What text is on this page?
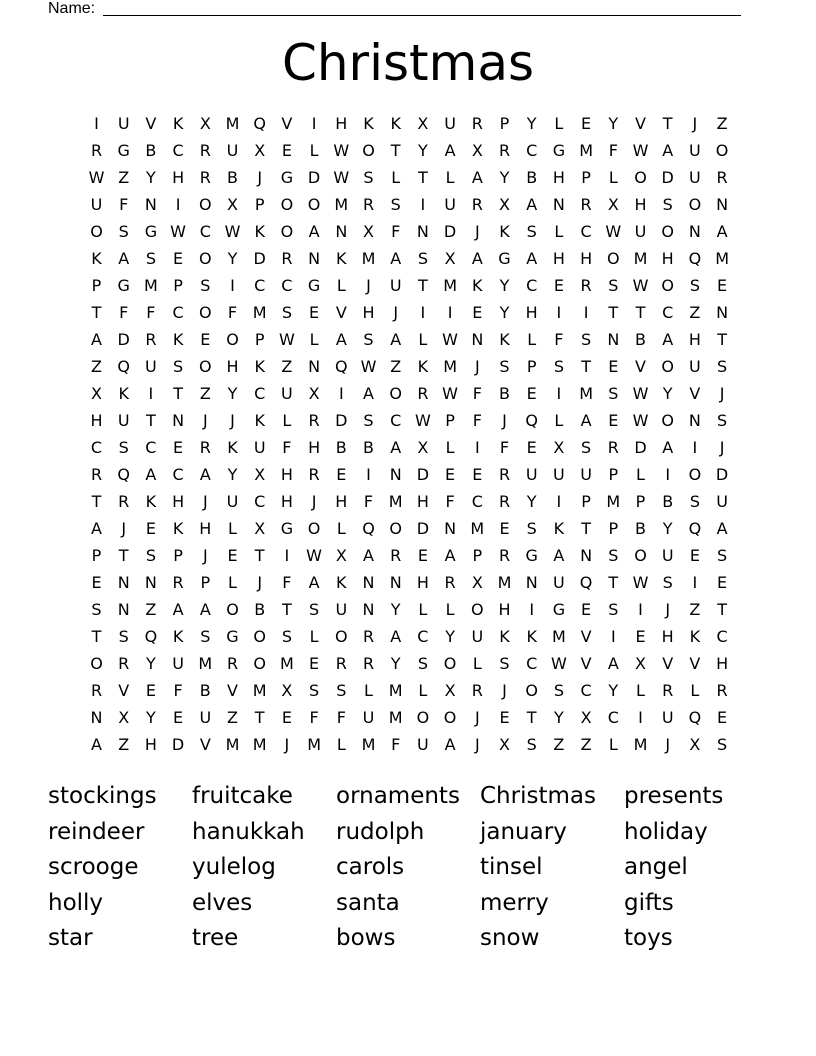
Name:
Christmas
I	U V	K	X M Q V	I	H K	K	X U R	P	Y	L	E	Y	V	T	J	Z
R G B	C	R U X	E	L W O	T	Y	A	X	R	C G M F W A U O
W Z	Y	H R	B	J	G D W S	L	T	L	A	Y	B H	P	L	O D U R
U	F	N	I	O X	P	O O M R	S	I	U R	X	A N R	X H	S O N
O S G W C W K O A N X	F	N D	J	K	S	L	C W U O N A
K	A	S	E O	Y	D R N K M A	S	X	A G A H H O M H Q M
P	G M P	S	I	C	C G	L	J	U	T M K	Y	C	E	R	S W O S	E
T	F	F	C O	F M S	E	V H	J	I	I	E	Y	H	I	I	T	T	C	Z N
A D R	K	E O	P W L	A	S	A	L W N K	L	F	S	N B	A H	T
Z Q U	S O H K	Z N Q W Z	K M	J	S	P	S	T	E	V O U	S
X	K	I	T	Z	Y	C U X	I	A O R W F	B	E	I	M S W Y	V	J
H U	T	N	J	J	K	L	R D S	C W P	F	J	Q	L	A	E W O N	S
C	S	C	E	R	K	U	F	H B	B	A	X	L	I	F	E	X	S	R D A	I	J
R Q A	C	A	Y	X H R	E	I	N D E	E	R U U U	P	L	I	O D
T	R	K H	J	U C H	J	H	F M H	F	C	R	Y	I	P M P	B	S	U
A	J	E	K H	L	X G O	L	Q O D N M E	S	K	T	P	B	Y	Q A
P	T	S	P	J	E	T	I	W X	A	R	E	A	P	R G A N	S O U	E	S
E	N N R	P	L	J	F	A	K N N H R	X M N U Q	T W S	I	E
S	N Z	A	A O B	T	S	U N	Y	L	L	O H	I	G E	S	I	J	Z	T
T	S Q K	S G O S	L	O R	A	C	Y	U	K	K M V	I	E	H K	C
O R	Y	U M R O M E	R	R	Y	S O	L	S	C W V	A	X	V	V H
R	V	E	F	B	V M X	S	S	L M L	X	R	J	O S	C	Y	L	R	L	R
N X	Y	E	U Z	T	E	F	F	U M O O	J	E	T	Y	X	C	I	U Q E
A	Z H D V M M	J	M L M F	U A	J	X	S	Z	Z	L M	J	X	S
stockings fruitcake ornaments Christmas presents
reindeer hanukkah rudolph january holiday
scrooge yulelog	carols	tinsel	angel
holly	elves	santa	merry	gifts
star	tree	bows	snow	toys
